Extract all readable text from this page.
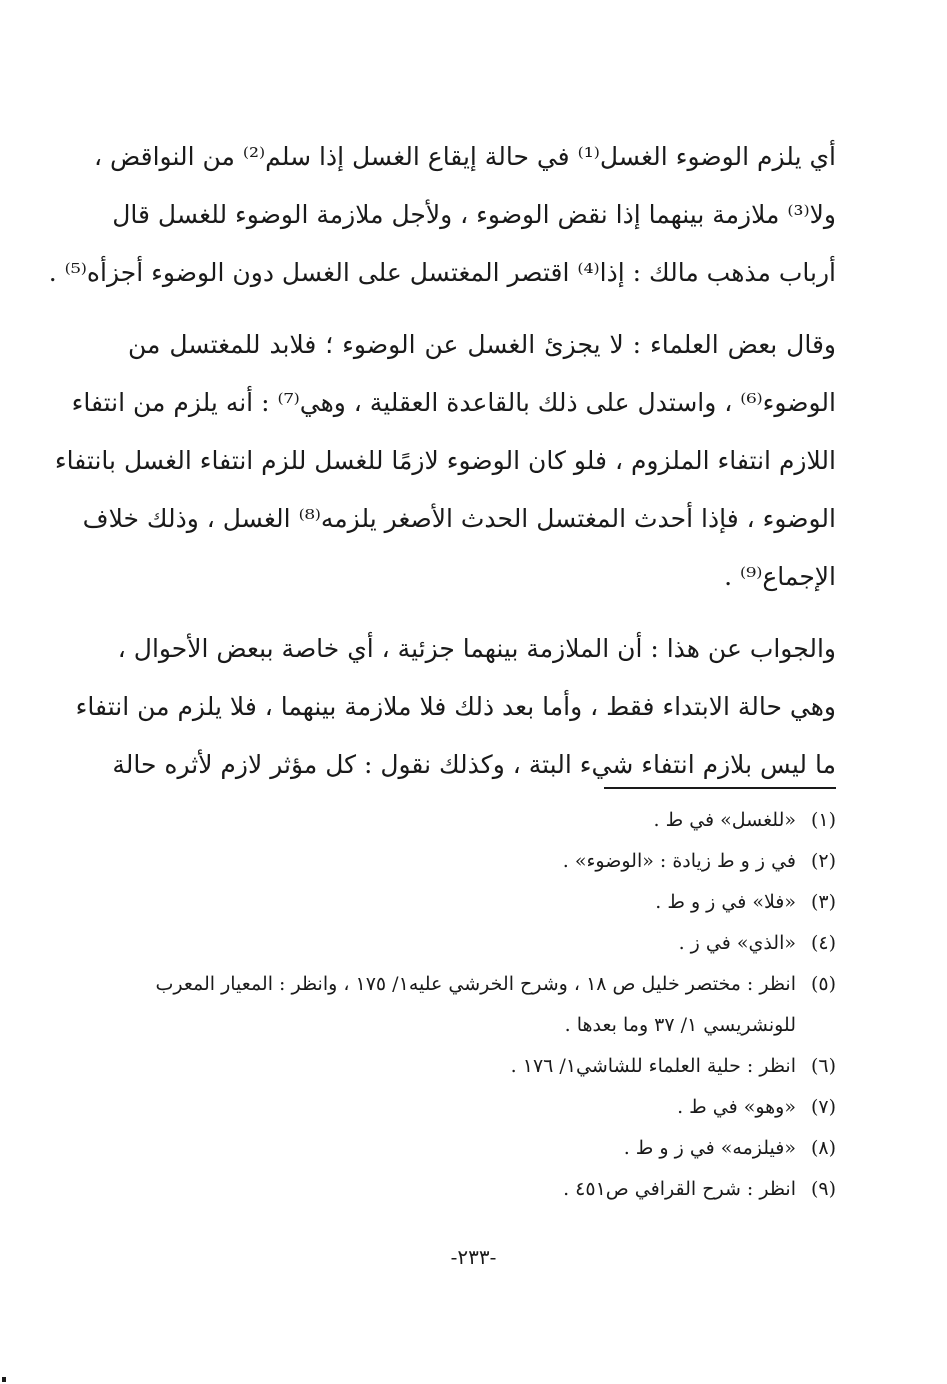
أي يلزم الوضوء الغسل⁽¹⁾ في حالة إيقاع الغسل إذا سلم⁽²⁾ من النواقض ،
ولا⁽³⁾ ملازمة بينهما إذا نقض الوضوء ، ولأجل ملازمة الوضوء للغسل قال
أرباب مذهب مالك : إذا⁽⁴⁾ اقتصر المغتسل على الغسل دون الوضوء أجزأه⁽⁵⁾ .

وقال بعض العلماء : لا يجزئ الغسل عن الوضوء ؛ فلابد للمغتسل من
الوضوء⁽⁶⁾ ، واستدل على ذلك بالقاعدة العقلية ، وهي⁽⁷⁾ : أنه يلزم من انتفاء
اللازم انتفاء الملزوم ، فلو كان الوضوء لازمًا للغسل للزم انتفاء الغسل بانتفاء
الوضوء ، فإذا أحدث المغتسل الحدث الأصغر يلزمه⁽⁸⁾ الغسل ، وذلك خلاف
الإجماع⁽⁹⁾ .

والجواب عن هذا : أن الملازمة بينهما جزئية ، أي خاصة ببعض الأحوال ،
وهي حالة الابتداء فقط ، وأما بعد ذلك فلا ملازمة بينهما ، فلا يلزم من انتفاء
ما ليس بلازم انتفاء شيء البتة ، وكذلك نقول : كل مؤثر لازم لأثره حالة

(١)«للغسل» في ط .
(٢)في ز و ط زيادة : «الوضوء» .
(٣)«فلا» في ز و ط .
(٤)«الذي» في ز .
(٥)انظر : مختصر خليل ص ١٨ ، وشرح الخرشي عليه١/ ١٧٥ ، وانظر : المعيار المعرب
للونشريسي ١/ ٣٧ وما بعدها .
(٦)انظر : حلية العلماء للشاشي١/ ١٧٦ .
(٧)«وهو» في ط .
(٨)«فيلزمه» في ز و ط .
(٩)انظر : شرح القرافي ص٤٥١ .
-٢٣٣-
